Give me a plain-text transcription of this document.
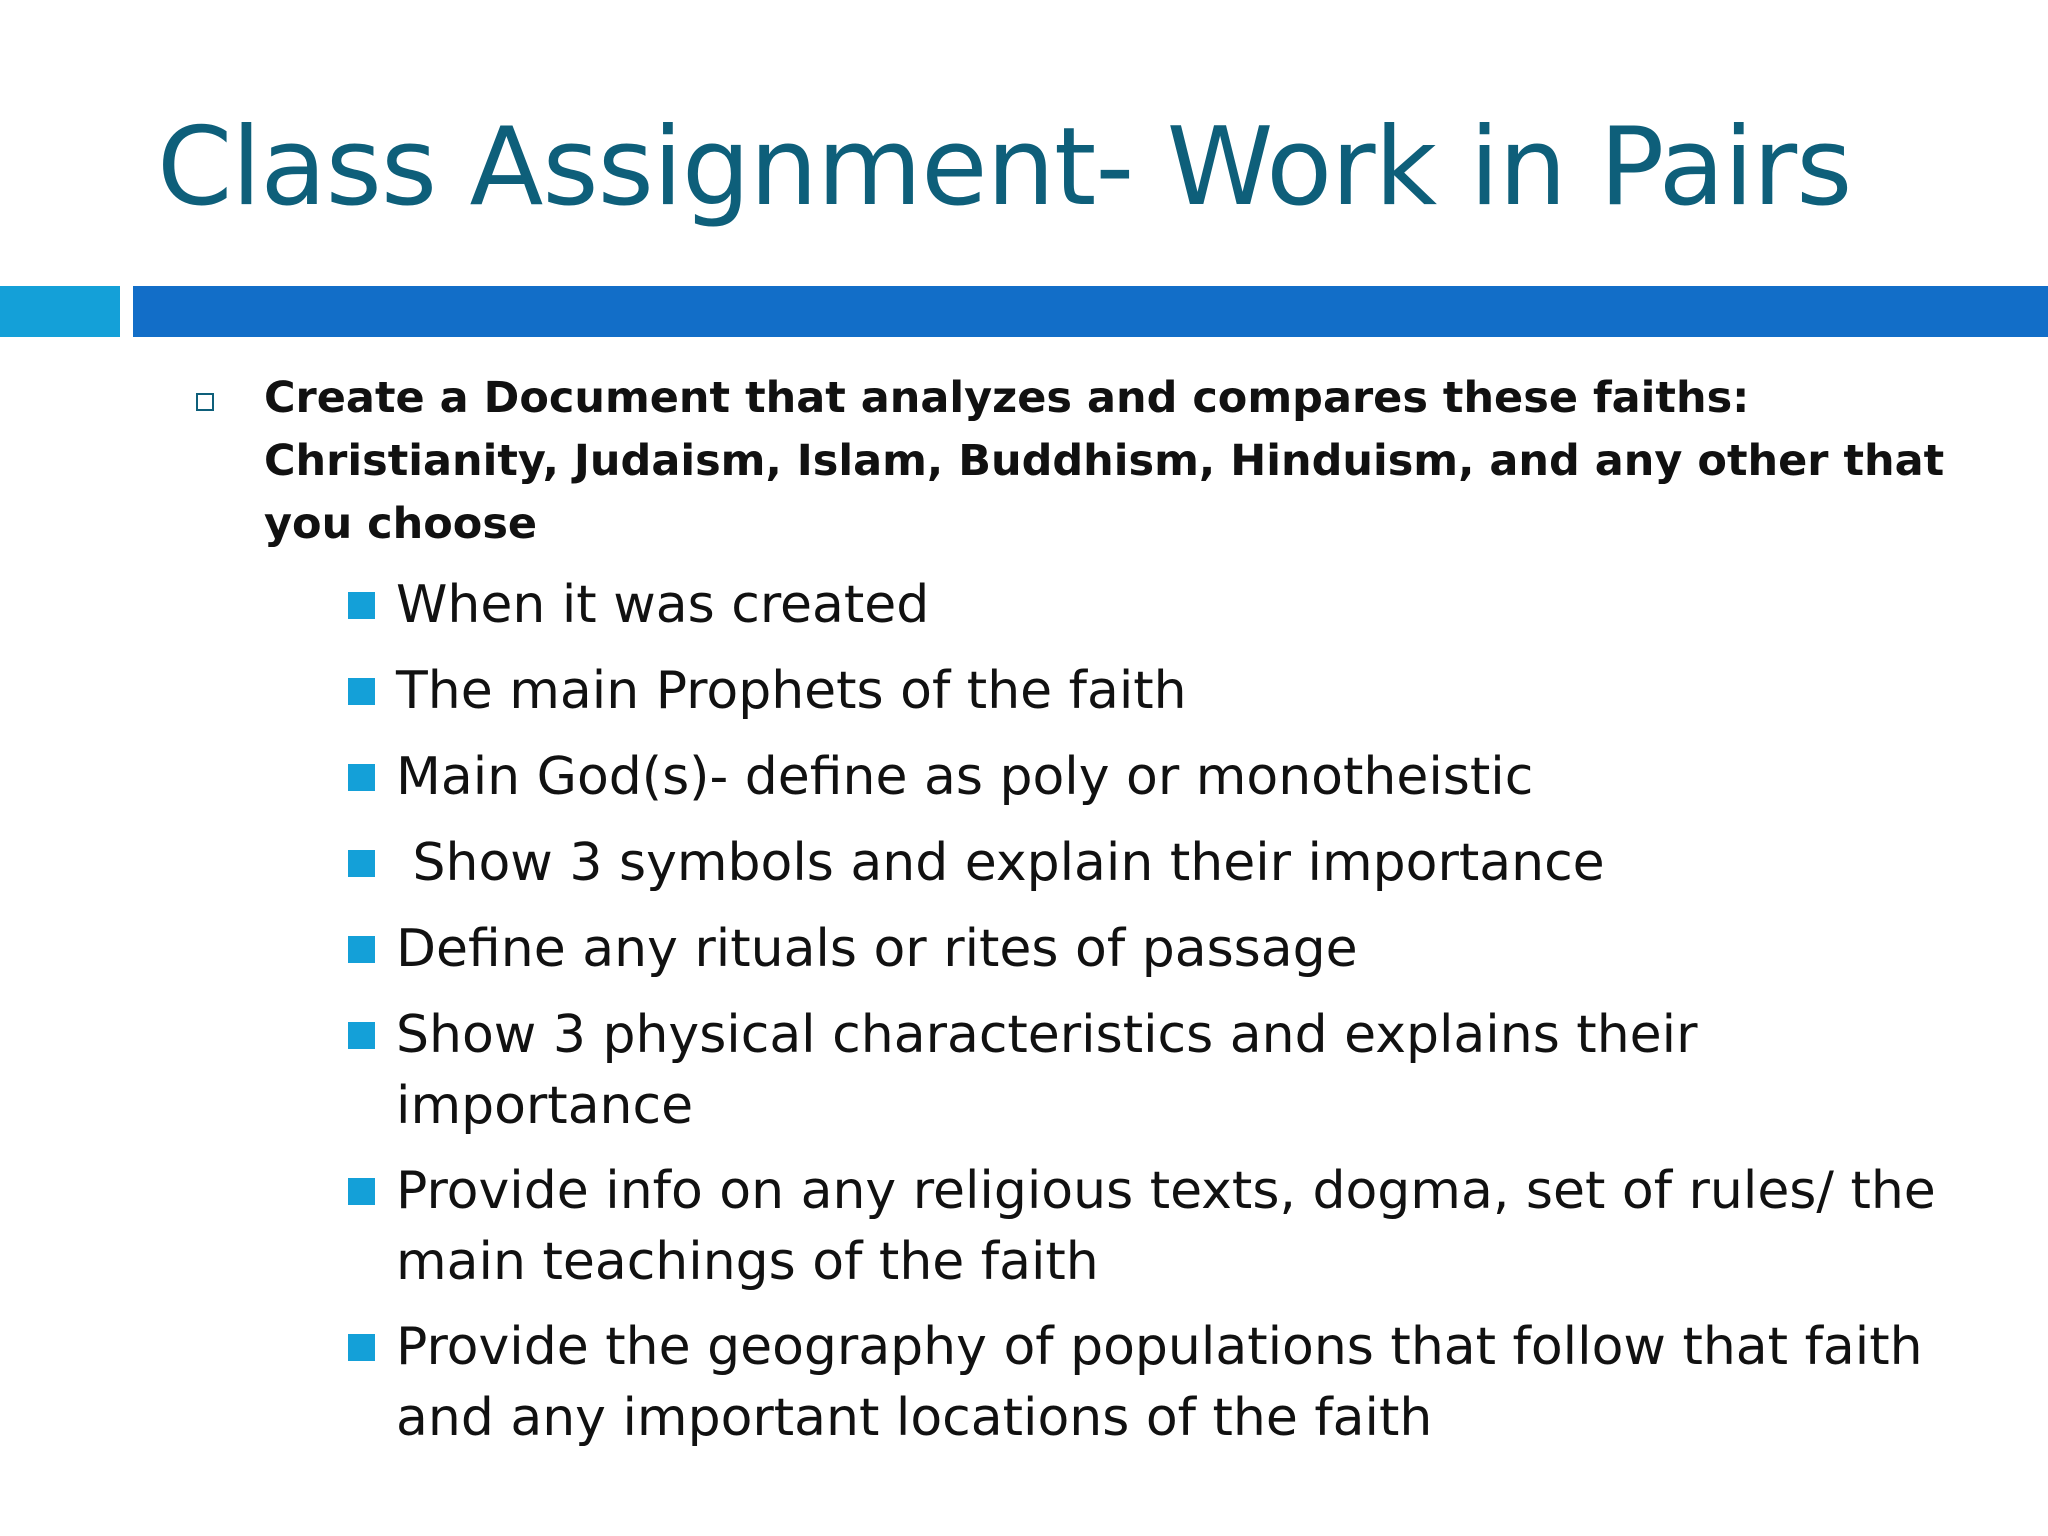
Class Assignment- Work in Pairs
Create a Document that analyzes and compares these faiths: Christianity, Judaism, Islam, Buddhism, Hinduism, and any other that you choose
When it was created
The main Prophets of the faith
Main God(s)- define as poly or monotheistic
Show 3 symbols and explain their importance
Define any rituals or rites of passage
Show 3 physical characteristics and explains their importance
Provide info on any religious texts, dogma, set of rules/ the main teachings of the faith
Provide the geography of populations that follow that faith and any important locations of the faith
